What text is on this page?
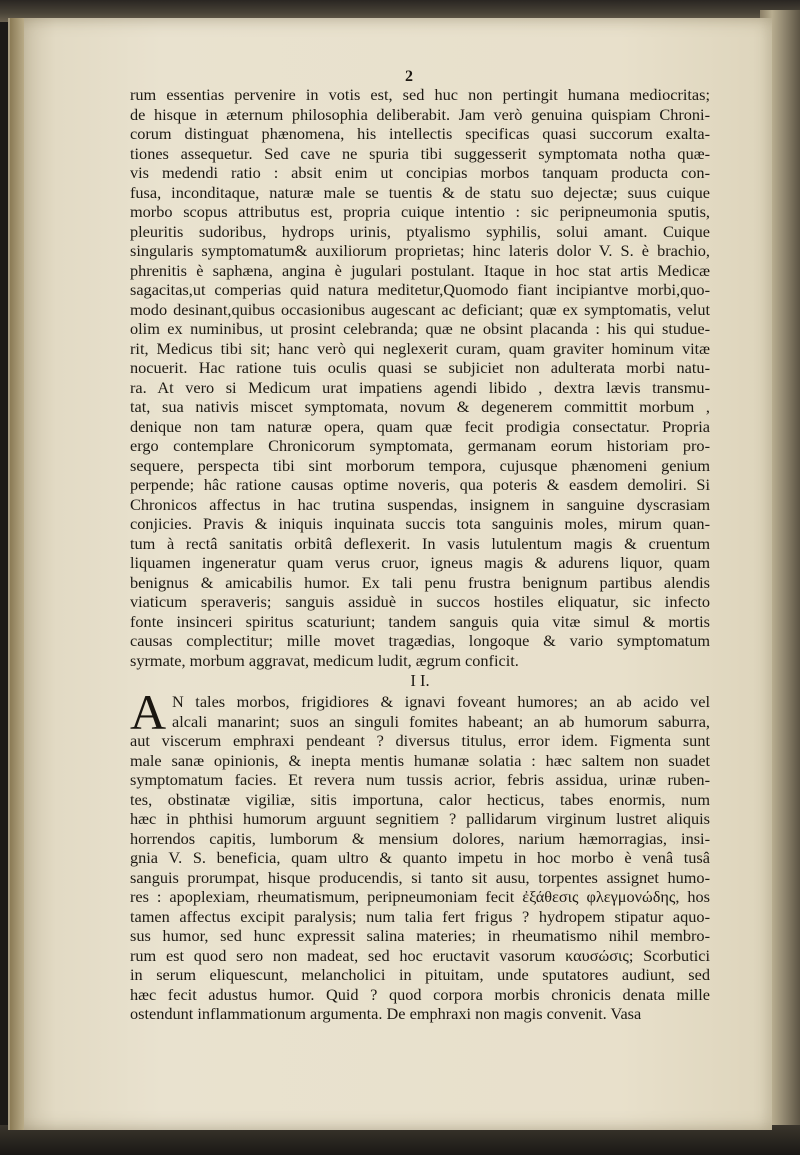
2
rum essentias pervenire in votis est, sed huc non pertingit humana mediocritas;
de hisque in æternum philosophia deliberabit. Jam verò genuina quispiam Chroni-
corum distinguat phænomena, his intellectis specificas quasi succorum exalta-
tiones assequetur. Sed cave ne spuria tibi suggesserit symptomata notha quæ-
vis medendi ratio : absit enim ut concipias morbos tanquam producta con-
fusa, inconditaque, naturæ male se tuentis & de statu suo dejectæ; suus cuique
morbo scopus attributus est, propria cuique intentio : sic peripneumonia sputis,
pleuritis sudoribus, hydrops urinis, ptyalismo syphilis, solui amant. Cuique
singularis symptomatum& auxiliorum proprietas; hinc lateris dolor V. S. è brachio,
phrenitis è saphæna, angina è jugulari postulant. Itaque in hoc stat artis Medicæ
sagacitas,ut comperias quid natura meditetur,Quomodo fiant incipiantve morbi,quo-
modo desinant,quibus occasionibus augescant ac deficiant; quæ ex symptomatis, velut
olim ex numinibus, ut prosint celebranda; quæ ne obsint placanda : his qui studue-
rit, Medicus tibi sit; hanc verò qui neglexerit curam, quam graviter hominum vitæ
nocuerit. Hac ratione tuis oculis quasi se subjiciet non adulterata morbi natu-
ra. At vero si Medicum urat impatiens agendi libido , dextra lævis transmu-
tat, sua nativis miscet symptomata, novum & degenerem committit morbum ,
denique non tam naturæ opera, quam quæ fecit prodigia consectatur. Propria
ergo contemplare Chronicorum symptomata, germanam eorum historiam pro-
sequere, perspecta tibi sint morborum tempora, cujusque phænomeni genium
perpende; hâc ratione causas optime noveris, qua poteris & easdem demoliri. Si
Chronicos affectus in hac trutina suspendas, insignem in sanguine dyscrasiam
conjicies. Pravis & iniquis inquinata succis tota sanguinis moles, mirum quan-
tum à rectâ sanitatis orbitâ deflexerit. In vasis lutulentum magis & cruentum
liquamen ingeneratur quam verus cruor, igneus magis & adurens liquor, quam
benignus & amicabilis humor. Ex tali penu frustra benignum partibus alendis
viaticum speraveris; sanguis assiduè in succos hostiles eliquatur, sic infecto
fonte insinceri spiritus scaturiunt; tandem sanguis quia vitæ simul & mortis
causas complectitur; mille movet tragædias, longoque & vario symptomatum
syrmate, morbum aggravat, medicum ludit, ægrum conficit.
I I.
A N tales morbos, frigidiores & ignavi foveant humores; an ab acido vel
alcali manarint; suos an singuli fomites habeant; an ab humorum saburra,
aut viscerum emphraxi pendeant ? diversus titulus, error idem. Figmenta sunt
male sanæ opinionis, & inepta mentis humanæ solatia : hæc saltem non suadet
symptomatum facies. Et revera num tussis acrior, febris assidua, urinæ ruben-
tes, obstinatæ vigiliæ, sitis importuna, calor hecticus, tabes enormis, num
hæc in phthisi humorum arguunt segnitiem ? pallidarum virginum lustret aliquis
horrendos capitis, lumborum & mensium dolores, narium hæmorragias, insi-
gnia V. S. beneficia, quam ultro & quanto impetu in hoc morbo è venâ tusâ
sanguis prorumpat, hisque producendis, si tanto sit ausu, torpentes assignet humo-
res : apoplexiam, rheumatismum, peripneumoniam fecit ἐξάθεσις φλεγμονώδης, hos
tamen affectus excipit paralysis; num talia fert frigus ? hydropem stipatur aquo-
sus humor, sed hunc expressit salina materies; in rheumatismo nihil membro-
rum est quod sero non madeat, sed hoc eructavit vasorum καυσώσις; Scorbutici
in serum eliquescunt, melancholici in pituitam, unde sputatores audiunt, sed
hæc fecit adustus humor. Quid ? quod corpora morbis chronicis denata mille
ostendunt inflammationum argumenta. De emphraxi non magis convenit. Vasa
